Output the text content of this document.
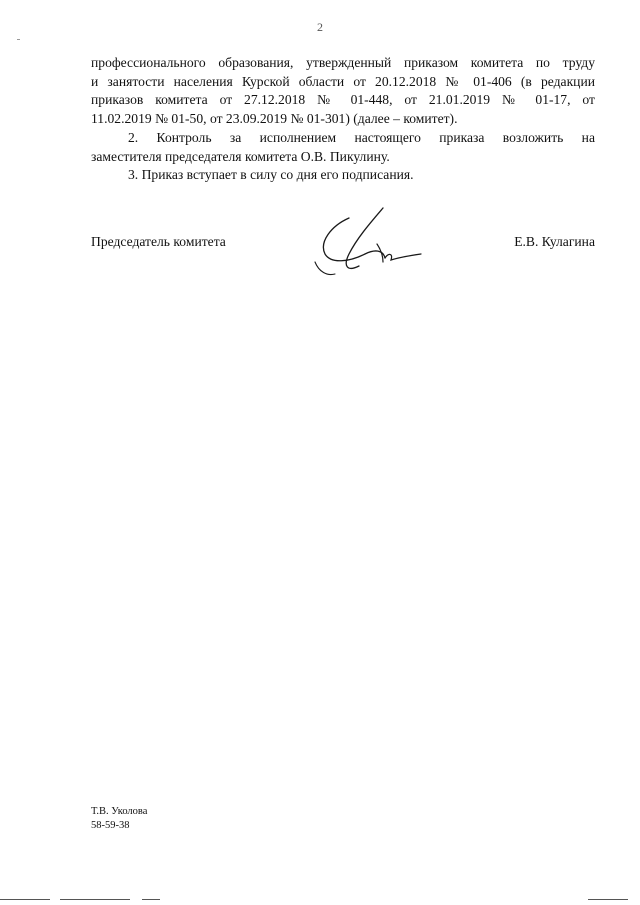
2

профессионального образования, утвержденный приказом комитета по труду

и занятости населения Курской области от 20.12.2018 № 01-406 (в редакции

приказов комитета от 27.12.2018 № 01-448, от 21.01.2019 № 01-17, от

11.02.2019 № 01-50, от 23.09.2019 № 01-301) (далее – комитет).

2. Контроль за исполнением настоящего приказа возложить на

заместителя председателя комитета О.В. Пикулину.

3. Приказ вступает в силу со дня его подписания.

Председатель комитета	Е.В. Кулагина
Т.В. Уколова
58-59-38
